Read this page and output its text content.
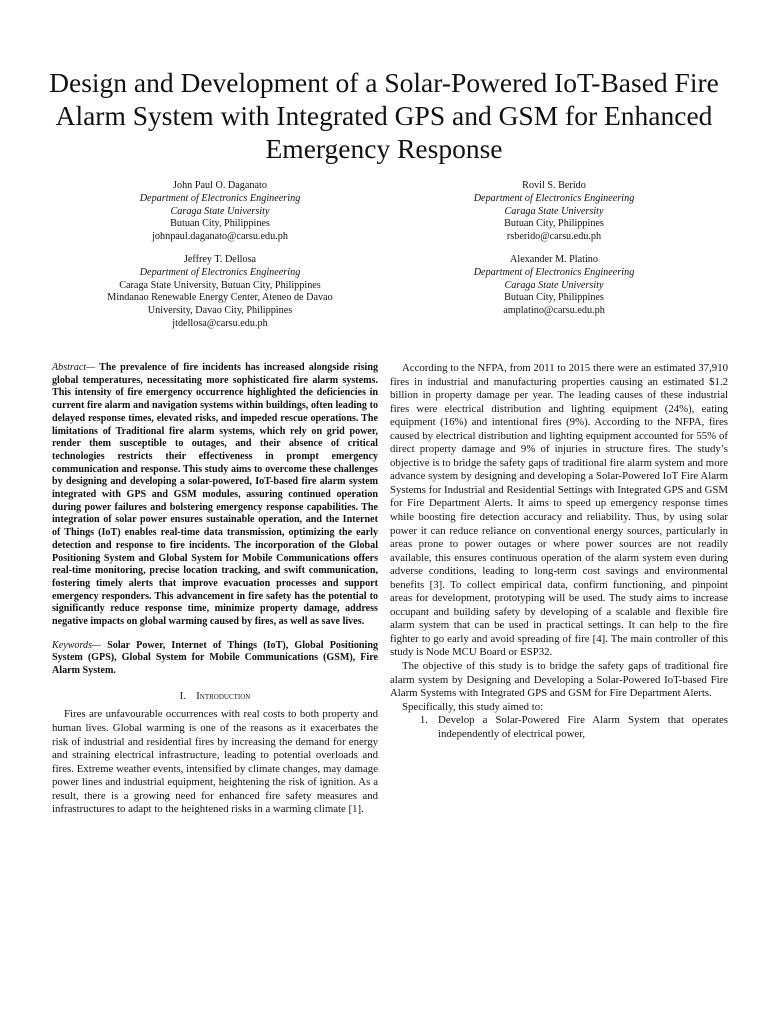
Design and Development of a Solar-Powered IoT-Based Fire Alarm System with Integrated GPS and GSM for Enhanced Emergency Response
John Paul O. Daganato
Department of Electronics Engineering
Caraga State University
Butuan City, Philippines
johnpaul.daganato@carsu.edu.ph
Rovil S. Berido
Department of Electronics Engineering
Caraga State University
Butuan City, Philippines
rsberido@carsu.edu.ph
Jeffrey T. Dellosa
Department of Electronics Engineering
Caraga State University, Butuan City, Philippines
Mindanao Renewable Energy Center, Ateneo de Davao
University, Davao City, Philippines
jtdellosa@carsu.edu.ph
Alexander M. Platino
Department of Electronics Engineering
Caraga State University
Butuan City, Philippines
amplatino@carsu.edu.ph

Abstract— The prevalence of fire incidents has increased alongside rising global temperatures, necessitating more sophisticated fire alarm systems. This intensity of fire emergency occurrence highlighted the deficiencies in current fire alarm and navigation systems within buildings, often leading to delayed response times, elevated risks, and impeded rescue operations. The limitations of Traditional fire alarm systems, which rely on grid power, render them susceptible to outages, and their absence of critical technologies restricts their effectiveness in prompt emergency communication and response. This study aims to overcome these challenges by designing and developing a solar-powered, IoT-based fire alarm system integrated with GPS and GSM modules, assuring continued operation during power failures and bolstering emergency response capabilities. The integration of solar power ensures sustainable operation, and the Internet of Things (IoT) enables real-time data transmission, optimizing the early detection and response to fire incidents. The incorporation of the Global Positioning System and Global System for Mobile Communications offers real-time monitoring, precise location tracking, and swift communication, fostering timely alerts that improve evacuation processes and support emergency responders. This advancement in fire safety has the potential to significantly reduce response time, minimize property damage, address negative impacts on global warming caused by fires, as well as save lives.

Keywords— Solar Power, Internet of Things (IoT), Global Positioning System (GPS), Global System for Mobile Communications (GSM), Fire Alarm System.

I. Introduction

Fires are unfavourable occurrences with real costs to both property and human lives. Global warming is one of the reasons as it exacerbates the risk of industrial and residential fires by increasing the demand for energy and straining electrical infrastructure, leading to potential overloads and fires. Extreme weather events, intensified by climate changes, may damage power lines and industrial equipment, heightening the risk of ignition. As a result, there is a growing need for enhanced fire safety measures and infrastructures to adapt to the heightened risks in a warming climate [1].

According to the NFPA, from 2011 to 2015 there were an estimated 37,910 fires in industrial and manufacturing properties causing an estimated $1.2 billion in property damage per year. The leading causes of these industrial fires were electrical distribution and lighting equipment (24%), eating equipment (16%) and intentional fires (9%). According to the NFPA, fires caused by electrical distribution and lighting equipment accounted for 55% of direct property damage and 9% of injuries in structure fires. The study’s objective is to bridge the safety gaps of traditional fire alarm system and more advance system by designing and developing a Solar-Powered IoT Fire Alarm Systems for Industrial and Residential Settings with Integrated GPS and GSM for Fire Department Alerts. It aims to speed up emergency response times while boosting fire detection accuracy and reliability. Thus, by using solar power it can reduce reliance on conventional energy sources, particularly in areas prone to power outages or where power sources are not readily available, this ensures continuous operation of the alarm system even during adverse conditions, leading to long-term cost savings and environmental benefits [3]. To collect empirical data, confirm functioning, and pinpoint areas for development, prototyping will be used. The study aims to increase occupant and building safety by developing of a scalable and flexible fire alarm system that can be used in practical settings. It can help to the fire fighter to go early and avoid spreading of fire [4]. The main controller of this study is Node MCU Board or ESP32.

The objective of this study is to bridge the safety gaps of traditional fire alarm system by Designing and Developing a Solar-Powered IoT-based Fire Alarm Systems with Integrated GPS and GSM for Fire Department Alerts.

Specifically, this study aimed to:

1. Develop a Solar-Powered Fire Alarm System that operates independently of electrical power,
